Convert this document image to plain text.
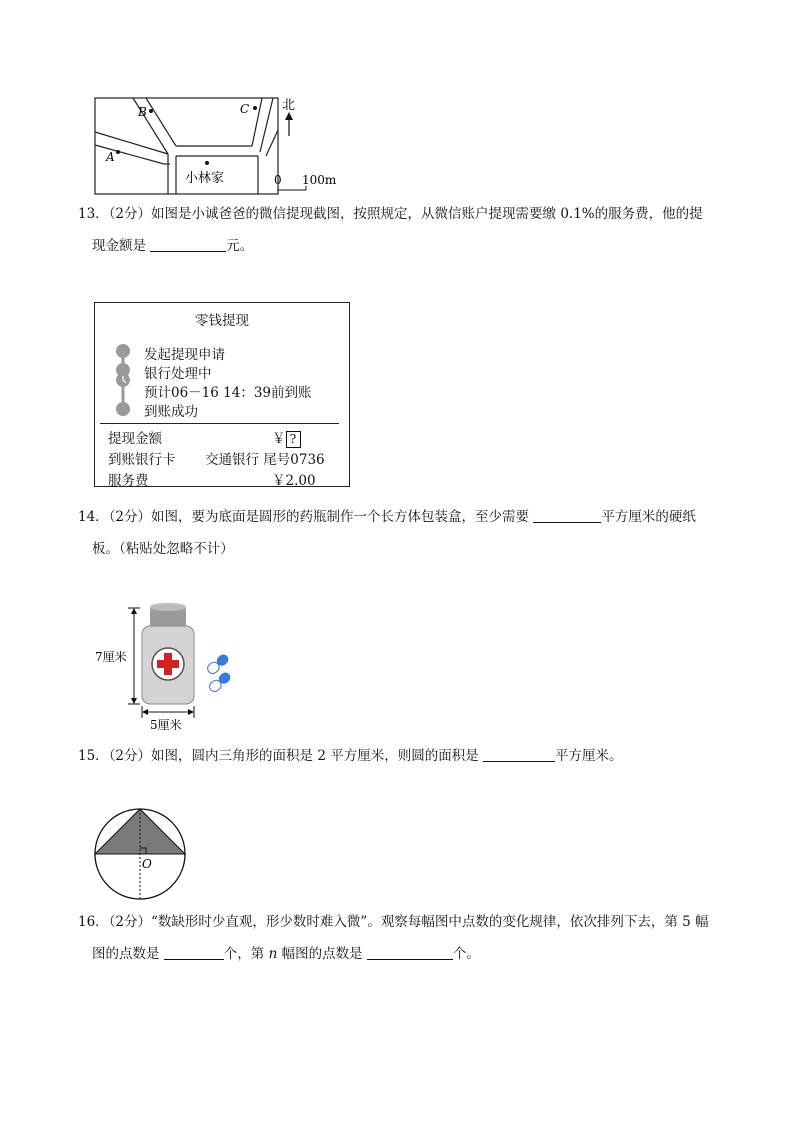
A
B	C
小林家
北
0 100m
13．（2分）如图是小诚爸爸的微信提现截图，按照规定，从微信账户提现需要缴 0.1%的服务费，他的提
现金额是	元。
零钱提现
发起提现申请
银行处理中
预计06－16 14：39前到账
到账成功
提现金额	￥ ?
到账银行卡 交通银行 尾号0736
服务费	￥2.00
14．（2分）如图，要为底面是圆形的药瓶制作一个长方体包装盒，至少需要	平方厘米的硬纸
板。（粘贴处忽略不计）
7厘米
5厘米
15．（2分）如图，圆内三角形的面积是 2 平方厘米，则圆的面积是	平方厘米。
O
16．（2分）“数缺形时少直观，形少数时难入微”。观察每幅图中点数的变化规律，依次排列下去，第 5 幅
图的点数是	个，第 n 幅图的点数是	个。
